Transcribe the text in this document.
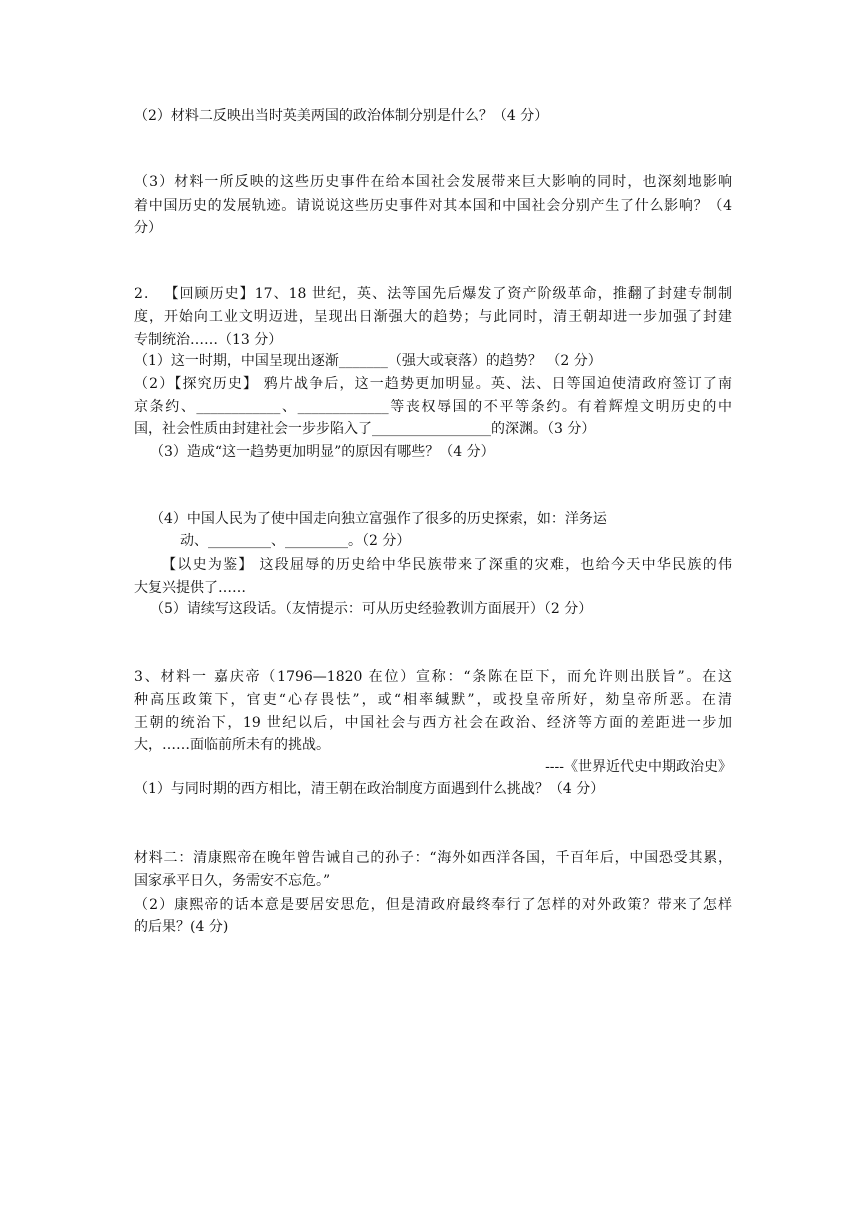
（2）材料二反映出当时英美两国的政治体制分别是什么？（4 分）
（3）材料一所反映的这些历史事件在给本国社会发展带来巨大影响的同时，也深刻地影响
着中国历史的发展轨迹。请说说这些历史事件对其本国和中国社会分别产生了什么影响？（4
分）
2． 【回顾历史】17、18 世纪，英、法等国先后爆发了资产阶级革命，推翻了封建专制制
度，开始向工业文明迈进，呈现出日渐强大的趋势；与此同时，清王朝却进一步加强了封建
专制统治……（13 分）
（1）这一时期，中国呈现出逐渐_______（强大或衰落）的趋势？ （2 分）
（2）【探究历史】 鸦片战争后，这一趋势更加明显。英、法、日等国迫使清政府签订了南
京条约、____________、_____________等丧权辱国的不平等条约。有着辉煌文明历史的中
国，社会性质由封建社会一步步陷入了_________________的深渊。（3 分）
（3）造成“这一趋势更加明显”的原因有哪些？（4 分）
（4）中国人民为了使中国走向独立富强作了很多的历史探索，如：洋务运
动、_________、_________。（2 分）
【以史为鉴】 这段屈辱的历史给中华民族带来了深重的灾难，也给今天中华民族的伟
大复兴提供了……
（5）请续写这段话。（友情提示：可从历史经验教训方面展开）（2 分）
3、材料一 嘉庆帝（1796—1820 在位）宣称：“条陈在臣下，而允许则出朕旨”。在这
种高压政策下，官吏“心存畏怯”，或“相率缄默”，或投皇帝所好，劾皇帝所恶。在清
王朝的统治下，19 世纪以后，中国社会与西方社会在政治、经济等方面的差距进一步加
大，……面临前所未有的挑战。
----《世界近代史中期政治史》
（1）与同时期的西方相比，清王朝在政治制度方面遇到什么挑战？（4 分）
材料二：清康熙帝在晚年曾告诫自己的孙子：“海外如西洋各国，千百年后，中国恐受其累，
国家承平日久，务需安不忘危。”
（2）康熙帝的话本意是要居安思危，但是清政府最终奉行了怎样的对外政策？带来了怎样
的后果？(4 分)
